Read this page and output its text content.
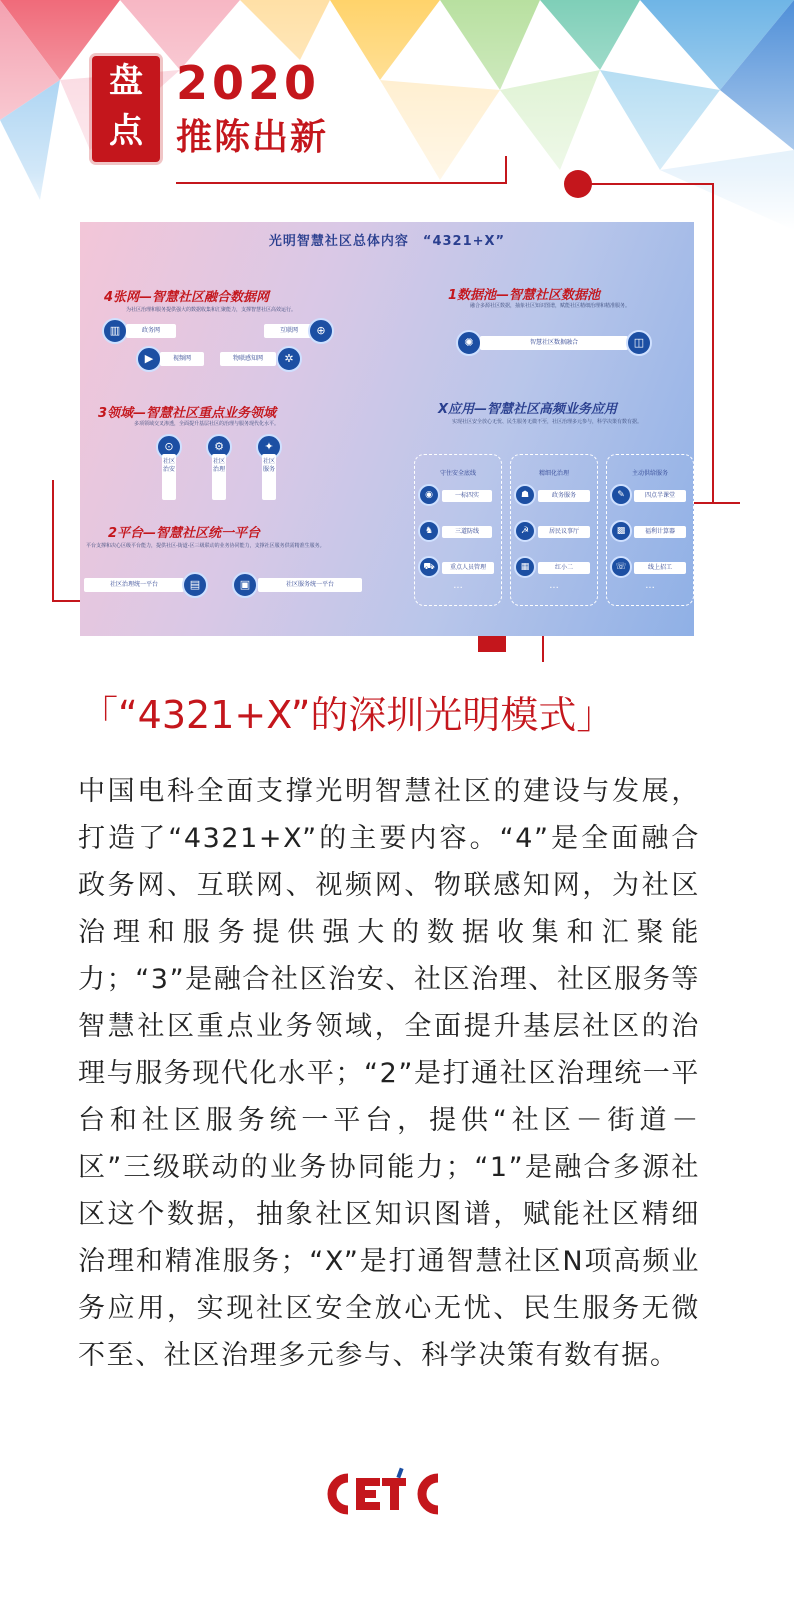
盘
点
2020
推陈出新
光明智慧社区总体内容　“4321+X”
4张网—智慧社区融合数据网
为社区治理和服务提供强大的数据收集和汇聚能力，支撑智慧社区高效运行。
▥	政务网	互联网	⊕
▶	视频网	物联感知网	✲
3领域—智慧社区重点业务领域
多项领域交叉渗透，全面提升基层社区的治理与服务现代化水平。
⊙	⚙	✦
社区治安
社区治理
社区服务
2平台—智慧社区统一平台
平台支撑和决心区级平台能力，提供社区-街道-区三级联动的业务协同能力，支撑社区服务供需精准生服务。
社区治理统一平台	▤	▣	社区服务统一平台
1数据池—智慧社区数据池
融合多源社区数据，抽象社区知识图谱，赋能社区精细治理和精准服务。
✺	智慧社区数据融合	◫
X应用—智慧社区高频业务应用
实现社区安全放心无忧、民生服务无微不至，社区治理多元参与，科学决策有数有据。
守住安全底线
◉	一标四实
♞	三道防线
⛟	重点人员管理
...
精细化治理
☗	政务服务
☭	居民议事厅
▦	红小二
...
主动供给服务
✎	四点半课堂
▩	福利计算器
☏	线上招工
...
「“4321+X”的深圳光明模式」
中国电科全面支撑光明智慧社区的建设与发展，打造了“4321+X”的主要内容。“4”是全面融合政务网、互联网、视频网、物联感知网，为社区治理和服务提供强大的数据收集和汇聚能力；“3”是融合社区治安、社区治理、社区服务等智慧社区重点业务领域，全面提升基层社区的治理与服务现代化水平；“2”是打通社区治理统一平台和社区服务统一平台，提供“社区－街道－区”三级联动的业务协同能力；“1”是融合多源社区这个数据，抽象社区知识图谱，赋能社区精细治理和精准服务；“X”是打通智慧社区N项高频业务应用，实现社区安全放心无忧、民生服务无微不至、社区治理多元参与、科学决策有数有据。
